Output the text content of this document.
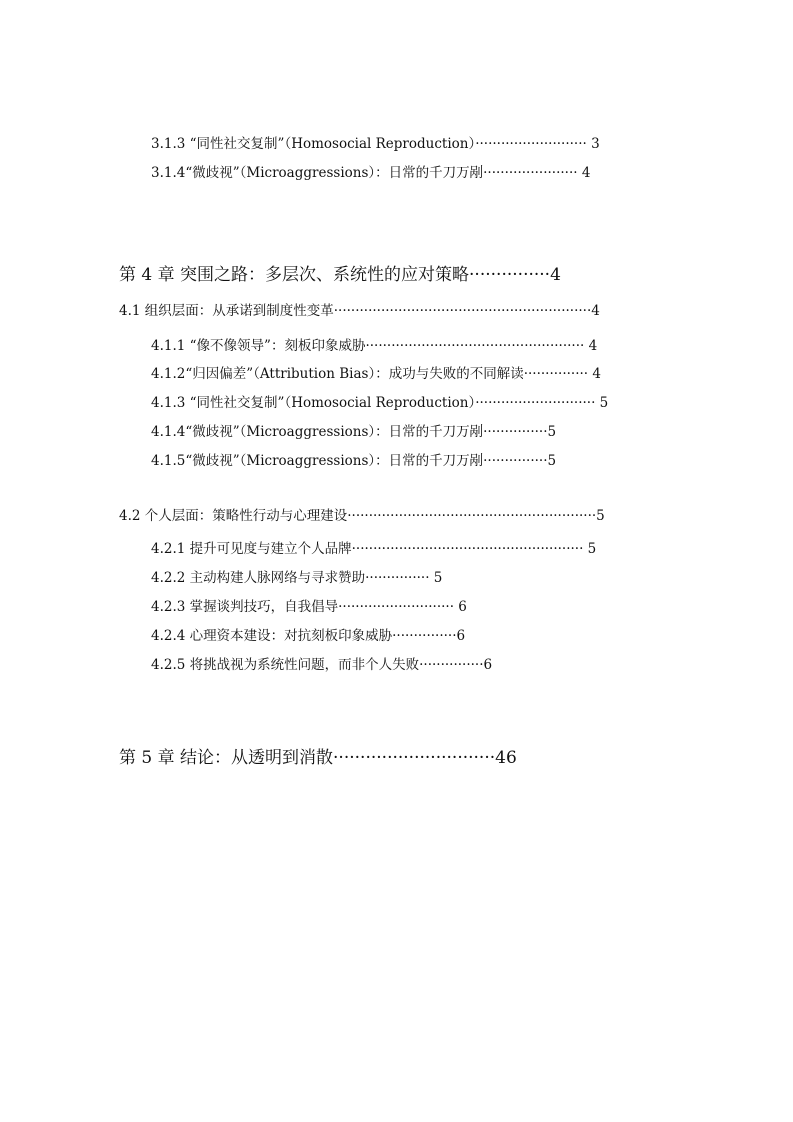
3.1.3 “同性社交复制”（Homosocial Reproduction）·························· 3
3.1.4“微歧视”（Microaggressions）：日常的千刀万剐······················ 4
第 4 章 突围之路：多层次、系统性的应对策略···············4
4.1 组织层面：从承诺到制度性变革····························································4
4.1.1 “像不像领导”：刻板印象威胁··················································· 4
4.1.2“归因偏差”（Attribution Bias）：成功与失败的不同解读··············· 4
4.1.3 “同性社交复制”（Homosocial Reproduction）···························· 5
4.1.4“微歧视”（Microaggressions）：日常的千刀万剐···············5
4.1.5“微歧视”（Microaggressions）：日常的千刀万剐···············5
4.2 个人层面：策略性行动与心理建设··························································5
4.2.1 提升可见度与建立个人品牌······················································ 5
4.2.2 主动构建人脉网络与寻求赞助··············· 5
4.2.3 掌握谈判技巧，自我倡导··························· 6
4.2.4 心理资本建设：对抗刻板印象威胁···············6
4.2.5 将挑战视为系统性问题，而非个人失败···············6
第 5 章 结论：从透明到消散······························46
